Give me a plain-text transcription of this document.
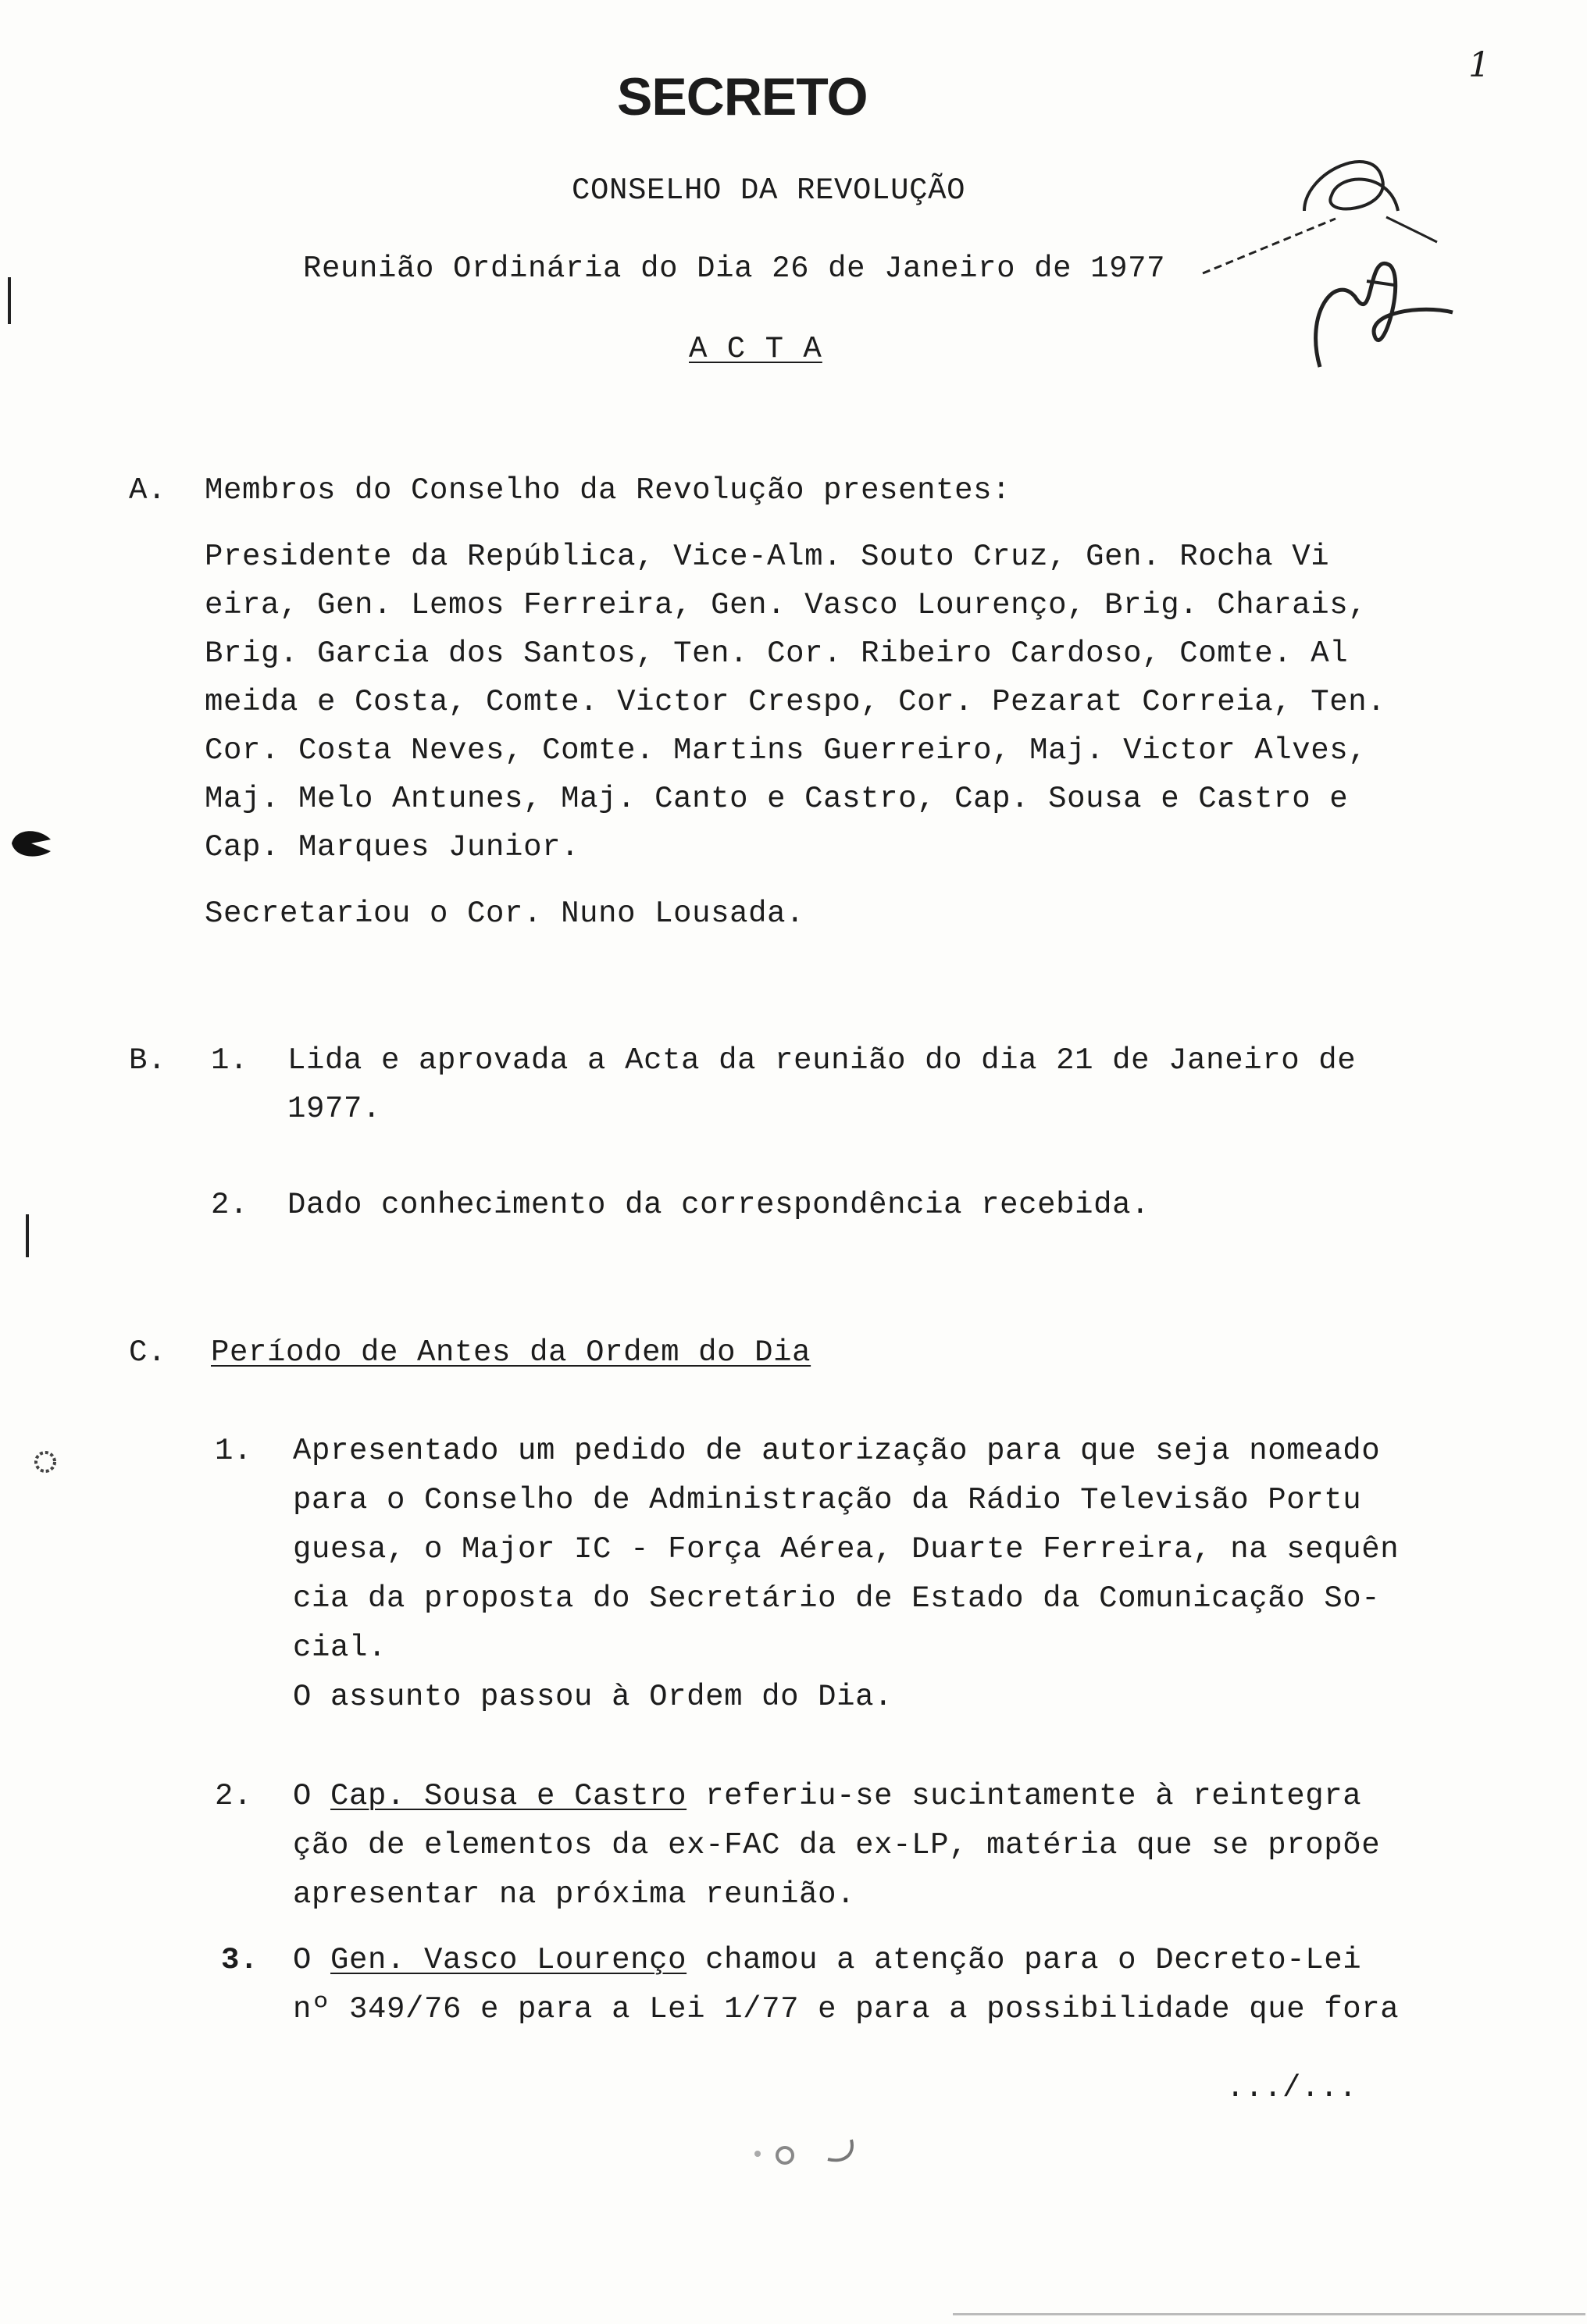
SECRETO
CONSELHO DA REVOLUÇÃO
Reunião Ordinária do Dia 26 de Janeiro de 1977
A C T A
1
A. Membros do Conselho da Revolução presentes:
Presidente da República, Vice-Alm. Souto Cruz, Gen. Rocha Vi
eira, Gen. Lemos Ferreira, Gen. Vasco Lourenço, Brig. Charais,
Brig. Garcia dos Santos, Ten. Cor. Ribeiro Cardoso, Comte. Al
meida e Costa, Comte. Victor Crespo, Cor. Pezarat Correia, Ten.
Cor. Costa Neves, Comte. Martins Guerreiro, Maj. Victor Alves,
Maj. Melo Antunes, Maj. Canto e Castro, Cap. Sousa e Castro e
Cap. Marques Junior.
Secretariou o Cor. Nuno Lousada.
B. 1. Lida e aprovada a Acta da reunião do dia 21 de Janeiro de
1977.
2. Dado conhecimento da correspondência recebida.
C. Período de Antes da Ordem do Dia
1. Apresentado um pedido de autorização para que seja nomeado
para o Conselho de Administração da Rádio Televisão Portu
guesa, o Major IC - Força Aérea, Duarte Ferreira, na sequên
cia da proposta do Secretário de Estado da Comunicação So-
cial.
O assunto passou à Ordem do Dia.
2. O Cap. Sousa e Castro referiu-se sucintamente à reintegra
ção de elementos da ex-FAC da ex-LP, matéria que se propõe
apresentar na próxima reunião.
3. O Gen. Vasco Lourenço chamou a atenção para o Decreto-Lei
nº 349/76 e para a Lei 1/77 e para a possibilidade que fora
.../...
